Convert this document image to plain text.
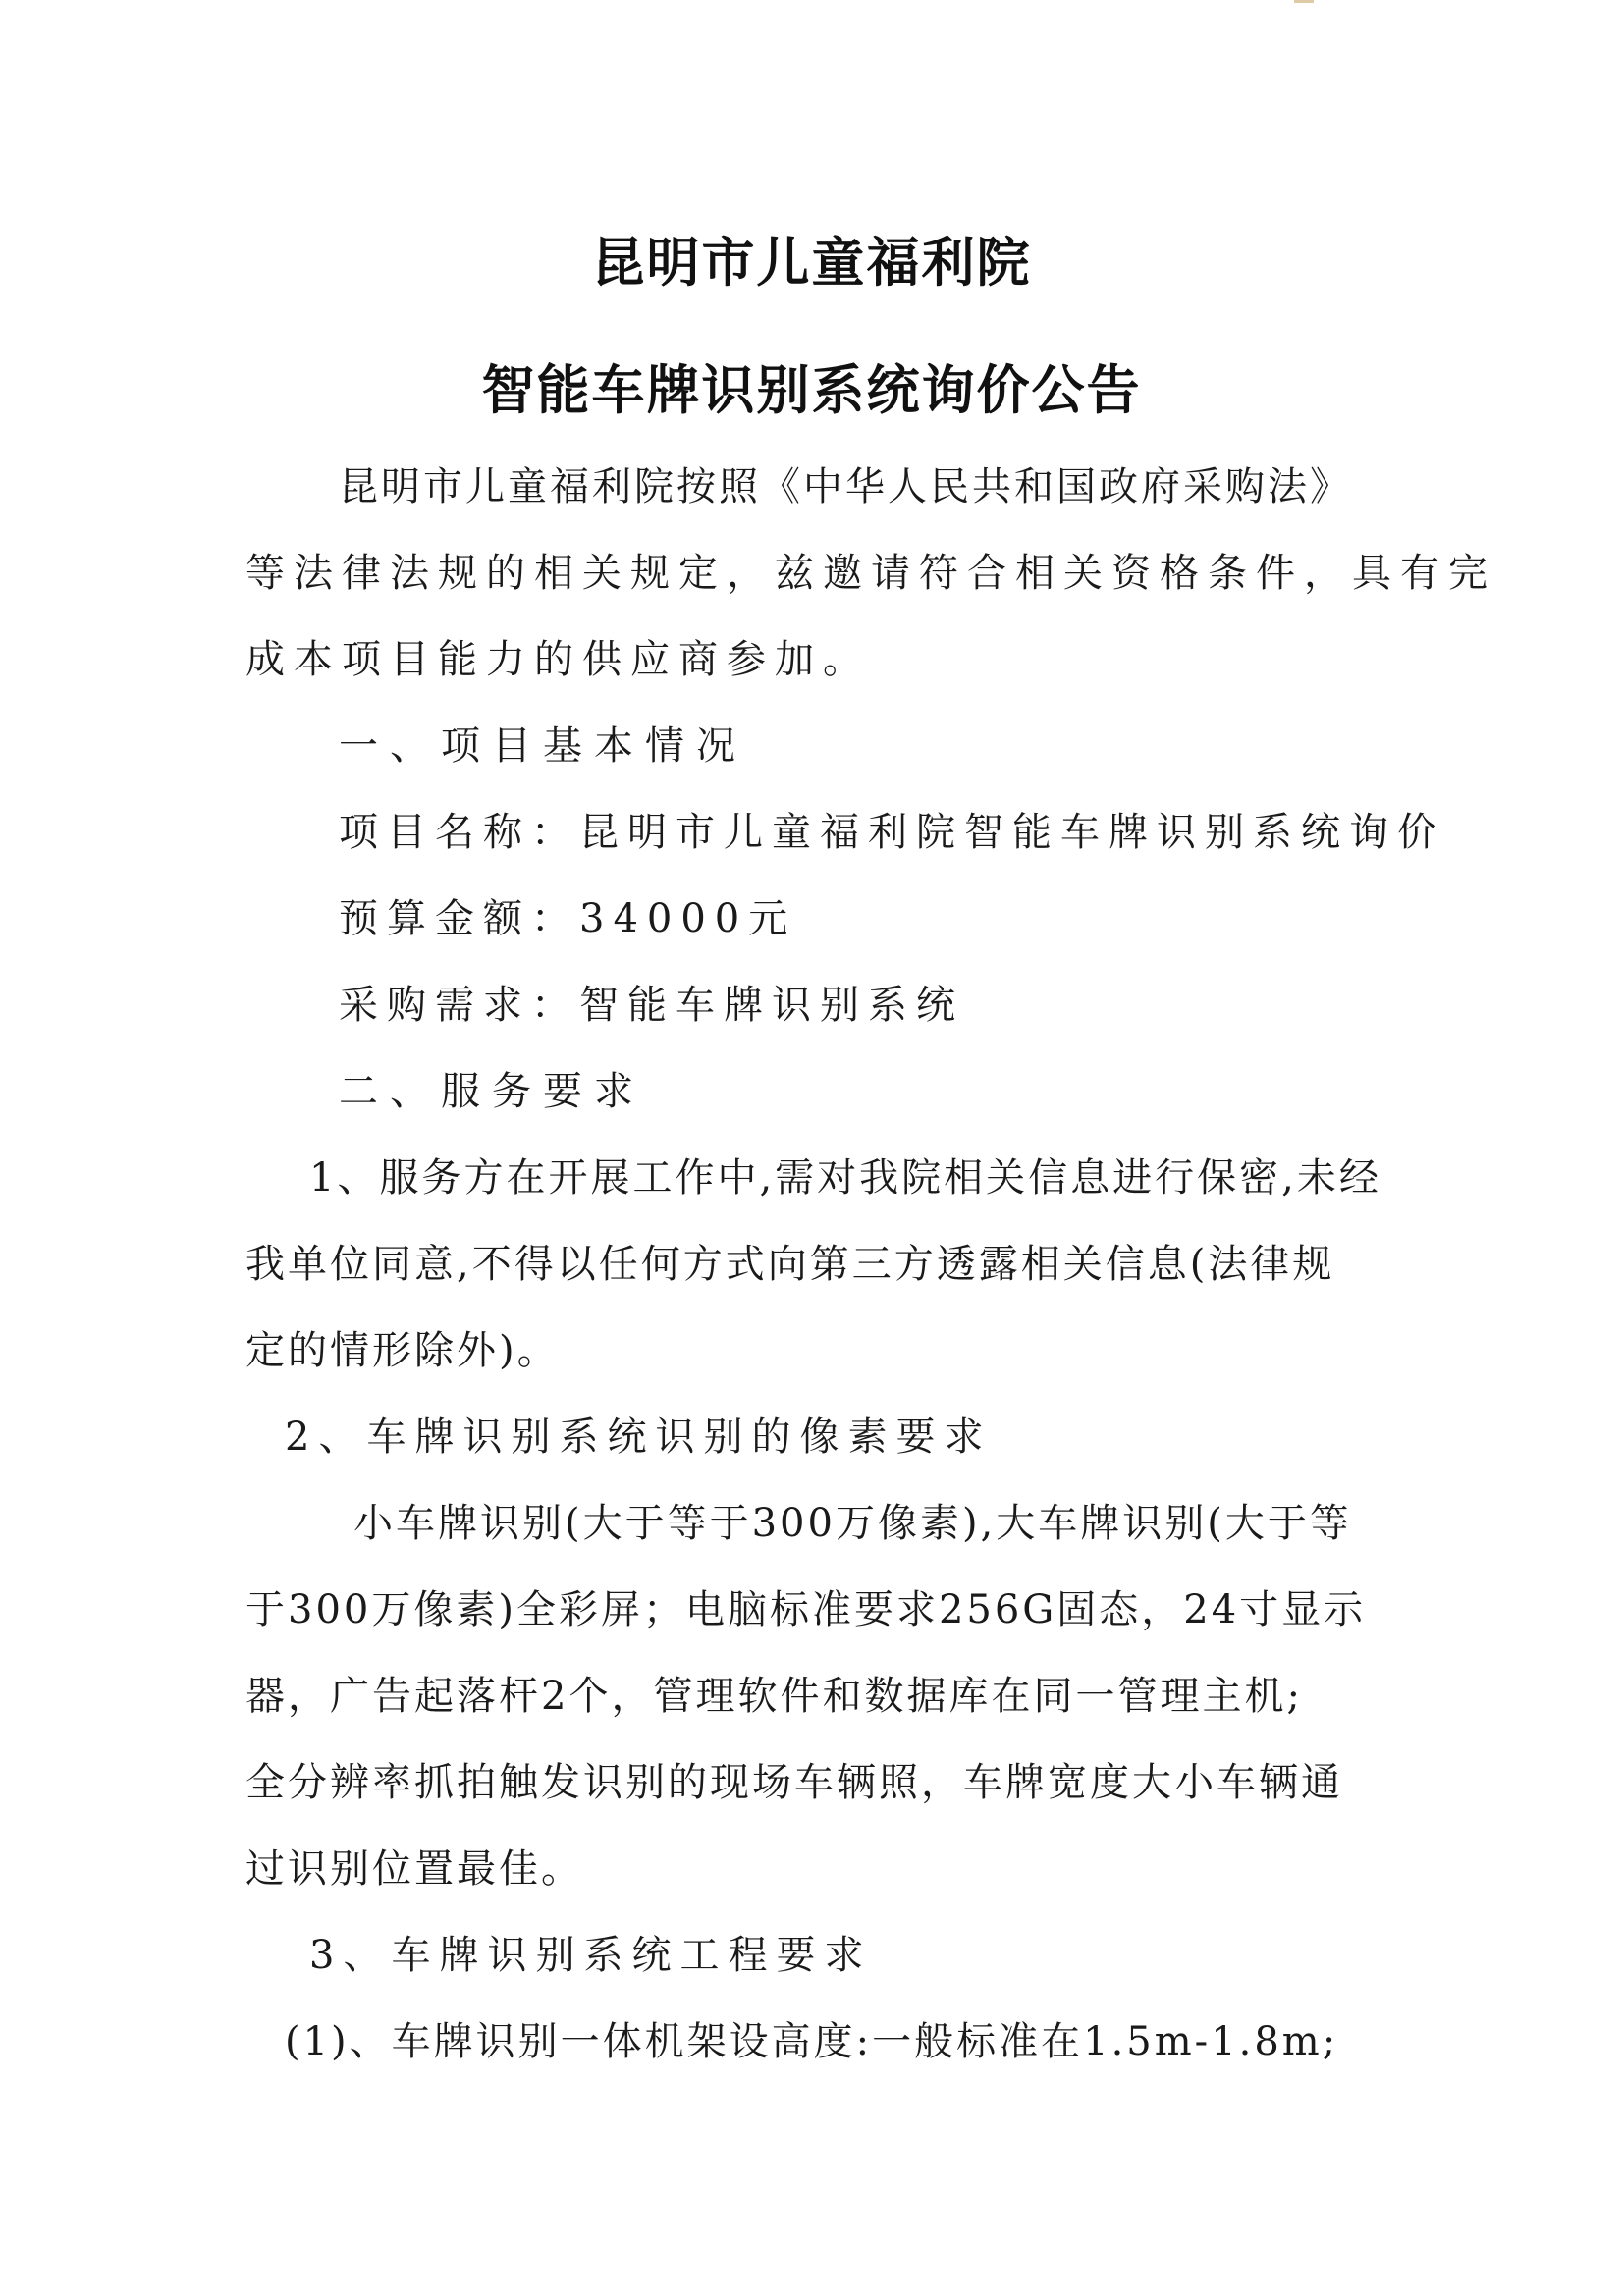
昆明市儿童福利院
智能车牌识别系统询价公告

昆明市儿童福利院按照《中华人民共和国政府采购法》

等法律法规的相关规定，兹邀请符合相关资格条件，具有完

成本项目能力的供应商参加。

一、项目基本情况

项目名称：昆明市儿童福利院智能车牌识别系统询价

预算金额：34000元

采购需求：智能车牌识别系统

二、服务要求

1、服务方在开展工作中,需对我院相关信息进行保密,未经

我单位同意,不得以任何方式向第三方透露相关信息(法律规

定的情形除外)。

2、车牌识别系统识别的像素要求

小车牌识别(大于等于300万像素),大车牌识别(大于等

于300万像素)全彩屏；电脑标准要求256G固态，24寸显示

器，广告起落杆2个，管理软件和数据库在同一管理主机;

全分辨率抓拍触发识别的现场车辆照，车牌宽度大小车辆通

过识别位置最佳。

3、车牌识别系统工程要求

(1)、车牌识别一体机架设高度:一般标准在1.5m-1.8m;
